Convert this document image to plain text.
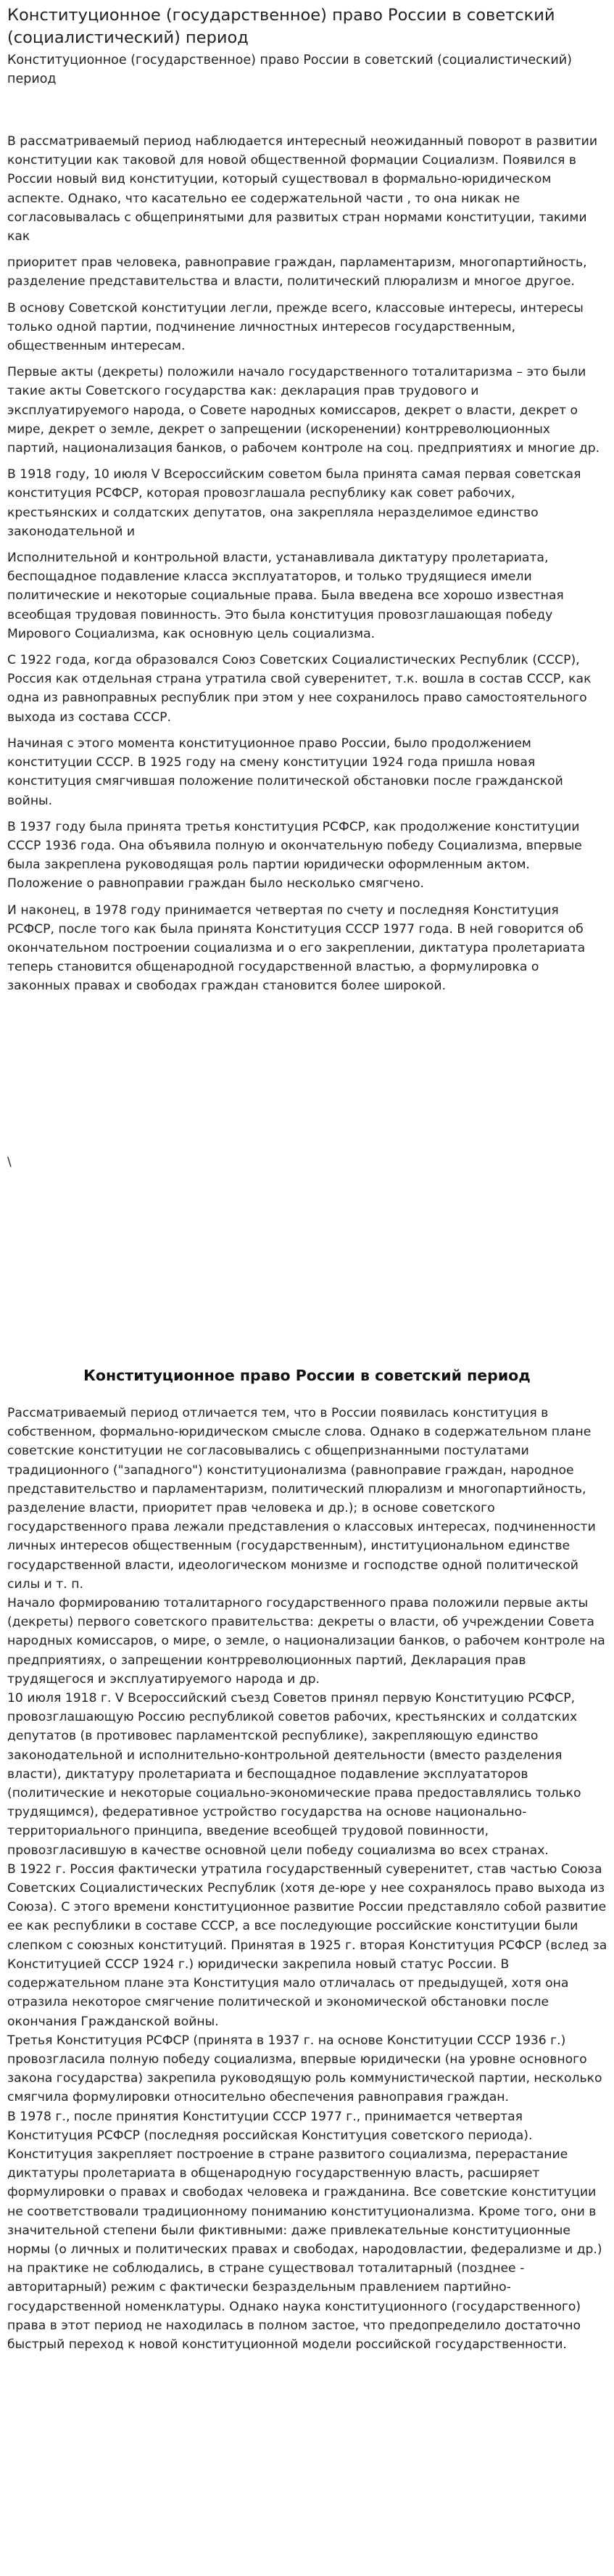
Конституционное (государственное) право России в советский (социалистический) период

Конституционное (государственное) право России в советский (социалистический) период

В рассматриваемый период наблюдается интересный неожиданный поворот в развитии конституции как таковой для новой общественной формации Социализм. Появился в России новый вид конституции, который существовал в формально-юридическом аспекте. Однако, что касательно ее содержательной части , то она никак не согласовывалась с общепринятыми для развитых стран нормами конституции, такими как

приоритет прав человека, равноправие граждан, парламентаризм, многопартийность, разделение представительства и власти, политический плюрализм и многое другое.

В основу Советской конституции легли, прежде всего, классовые интересы, интересы только одной партии, подчинение личностных интересов государственным, общественным интересам.

Первые акты (декреты) положили начало государственного тоталитаризма – это были такие акты Советского государства как: декларация прав трудового и эксплуатируемого народа, о Совете народных комиссаров, декрет о власти, декрет о мире, декрет о земле, декрет о запрещении (искоренении) контрреволюционных партий, национализация банков, о рабочем контроле на соц. предприятиях и многие др.

В 1918 году, 10 июля V Всероссийским советом была принята самая первая советская конституция РСФСР, которая провозглашала республику как совет рабочих, крестьянских и солдатских депутатов, она закрепляла неразделимое единство законодательной и

Исполнительной и контрольной власти, устанавливала диктатуру пролетариата, беспощадное подавление класса эксплуататоров, и только трудящиеся имели политические и некоторые социальные права. Была введена все хорошо известная всеобщая трудовая повинность. Это была конституция провозглашающая победу Мирового Социализма, как основную цель социализма.

С 1922 года, когда образовался Союз Советских Социалистических Республик (СССР), Россия как отдельная страна утратила свой суверенитет, т.к. вошла в состав СССР, как одна из равноправных республик при этом у нее сохранилось право самостоятельного выхода из состава СССР.

Начиная с этого момента конституционное право России, было продолжением конституции СССР. В 1925 году на смену конституции 1924 года пришла новая конституция смягчившая положение политической обстановки после гражданской войны.

В 1937 году была принята третья конституция РСФСР, как продолжение конституции СССР 1936 года. Она объявила полную и окончательную победу Социализма, впервые была закреплена руководящая роль партии юридически оформленным актом. Положение о равноправии граждан было несколько смягчено.

И наконец, в 1978 году принимается четвертая по счету и последняя Конституция РСФСР, после того как была принята Конституция СССР 1977 года. В ней говорится об окончательном построении социализма и о его закреплении, диктатура пролетариата теперь становится общенародной государственной властью, а формулировка о законных правах и свободах граждан становится более широкой.

\
Конституционное право России в советский период

Рассматриваемый период отличается тем, что в России появилась конституция в собственном, формально-юридическом смысле слова. Однако в содержательном плане советские конституции не согласовывались с общепризнанными постулатами традиционного ("западного") конституционализма (равноправие граждан, народное представительство и парламентаризм, политический плюрализм и многопартийность, разделение власти, приоритет прав человека и др.); в основе советского государственного права лежали представления о классовых интересах, подчиненности личных интересов общественным (государственным), институциональном единстве государственной власти, идеологическом монизме и господстве одной политической силы и т. п.

Начало формированию тоталитарного государственного права положили первые акты (декреты) первого советского правительства: декреты о власти, об учреждении Совета народных комиссаров, о мире, о земле, о национализации банков, о рабочем контроле на предприятиях, о запрещении контрреволюционных партий, Декларация прав трудящегося и эксплуатируемого народа и др.

10 июля 1918 г. V Всероссийский съезд Советов принял первую Конституцию РСФСР, провозглашающую Россию республикой советов рабочих, крестьянских и солдатских депутатов (в противовес парламентской республике), закрепляющую единство законодательной и исполнительно-контрольной деятельности (вместо разделения власти), диктатуру пролетариата и беспощадное подавление эксплуататоров (политические и некоторые социально-экономические права предоставлялись только трудящимся), федеративное устройство государства на основе национально-территориального принципа, введение всеобщей трудовой повинности, провозгласившую в качестве основной цели победу социализма во всех странах.

В 1922 г. Россия фактически утратила государственный суверенитет, став частью Союза Советских Социалистических Республик (хотя де-юре у нее сохранялось право выхода из Союза). С этого времени конституционное развитие России представляло собой развитие ее как республики в составе СССР, а все последующие российские конституции были слепком с союзных конституций. Принятая в 1925 г. вторая Конституция РСФСР (вслед за Конституцией СССР 1924 г.) юридически закрепила новый статус России. В содержательном плане эта Конституция мало отличалась от предыдущей, хотя она отразила некоторое смягчение политической и экономической обстановки после окончания Гражданской войны.

Третья Конституция РСФСР (принята в 1937 г. на основе Конституции СССР 1936 г.) провозгласила полную победу социализма, впервые юридически (на уровне основного закона государства) закрепила руководящую роль коммунистической партии, несколько смягчила формулировки относительно обеспечения равноправия граждан.

В 1978 г., после принятия Конституции СССР 1977 г., принимается четвертая Конституция РСФСР (последняя российская Конституция советского периода). Конституция закрепляет построение в стране развитого социализма, перерастание диктатуры пролетариата в общенародную государственную власть, расширяет формулировки о правах и свободах человека и гражданина. Все советские конституции не соответствовали традиционному пониманию конституционализма. Кроме того, они в значительной степени были фиктивными: даже привлекательные конституционные нормы (о личных и политических правах и свободах, народовластии, федерализме и др.) на практике не соблюдались, в стране существовал тоталитарный (позднее - авторитарный) режим с фактически безраздельным правлением партийно-государственной номенклатуры. Однако наука конституционного (государственного) права в этот период не находилась в полном застое, что предопределило достаточно быстрый переход к новой конституционной модели российской государственности.
